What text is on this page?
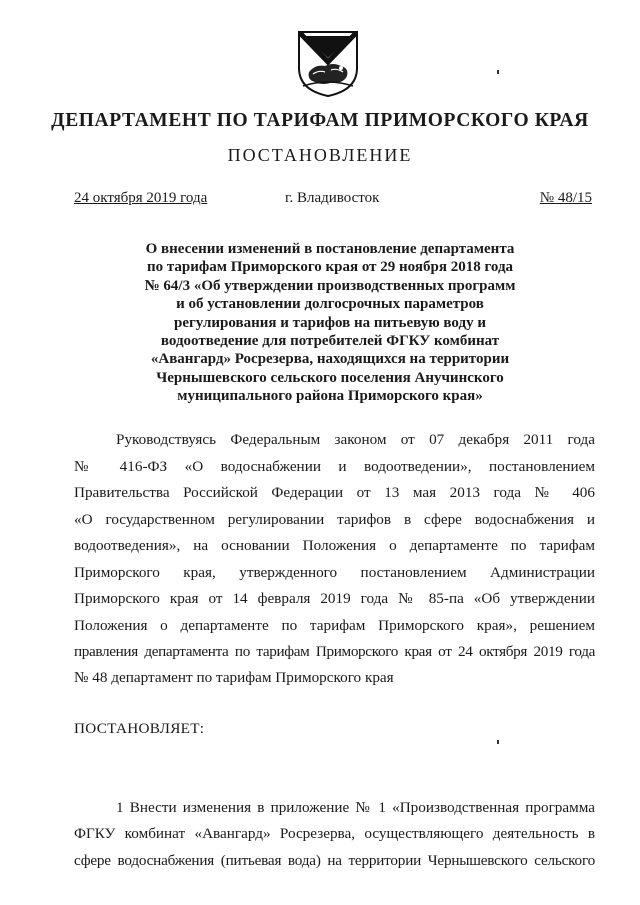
ДЕПАРТАМЕНТ ПО ТАРИФАМ ПРИМОРСКОГО КРАЯ
ПОСТАНОВЛЕНИЕ
24 октября 2019 года	г. Владивосток	№ 48/15
О внесении изменений в постановление департамента
по тарифам Приморского края от 29 ноября 2018 года
№ 64/3 «Об утверждении производственных программ
и об установлении долгосрочных параметров
регулирования и тарифов на питьевую воду и
водоотведение для потребителей ФГКУ комбинат
«Авангард» Росрезерва, находящихся на территории
Чернышевского сельского поселения Анучинского
муниципального района Приморского края»
Руководствуясь Федеральным законом от 07 декабря 2011 года
№ 416-ФЗ «О водоснабжении и водоотведении», постановлением
Правительства Российской Федерации от 13 мая 2013 года № 406
«О государственном регулировании тарифов в сфере водоснабжения и
водоотведения», на основании Положения о департаменте по тарифам
Приморского края, утвержденного постановлением Администрации
Приморского края от 14 февраля 2019 года № 85-па «Об утверждении
Положения о департаменте по тарифам Приморского края», решением
правления департамента по тарифам Приморского края от 24 октября 2019 года
№ 48 департамент по тарифам Приморского края
ПОСТАНОВЛЯЕТ:
1 Внести изменения в приложение № 1 «Производственная программа
ФГКУ комбинат «Авангард» Росрезерва, осуществляющего деятельность в
сфере водоснабжения (питьевая вода) на территории Чернышевского сельского
